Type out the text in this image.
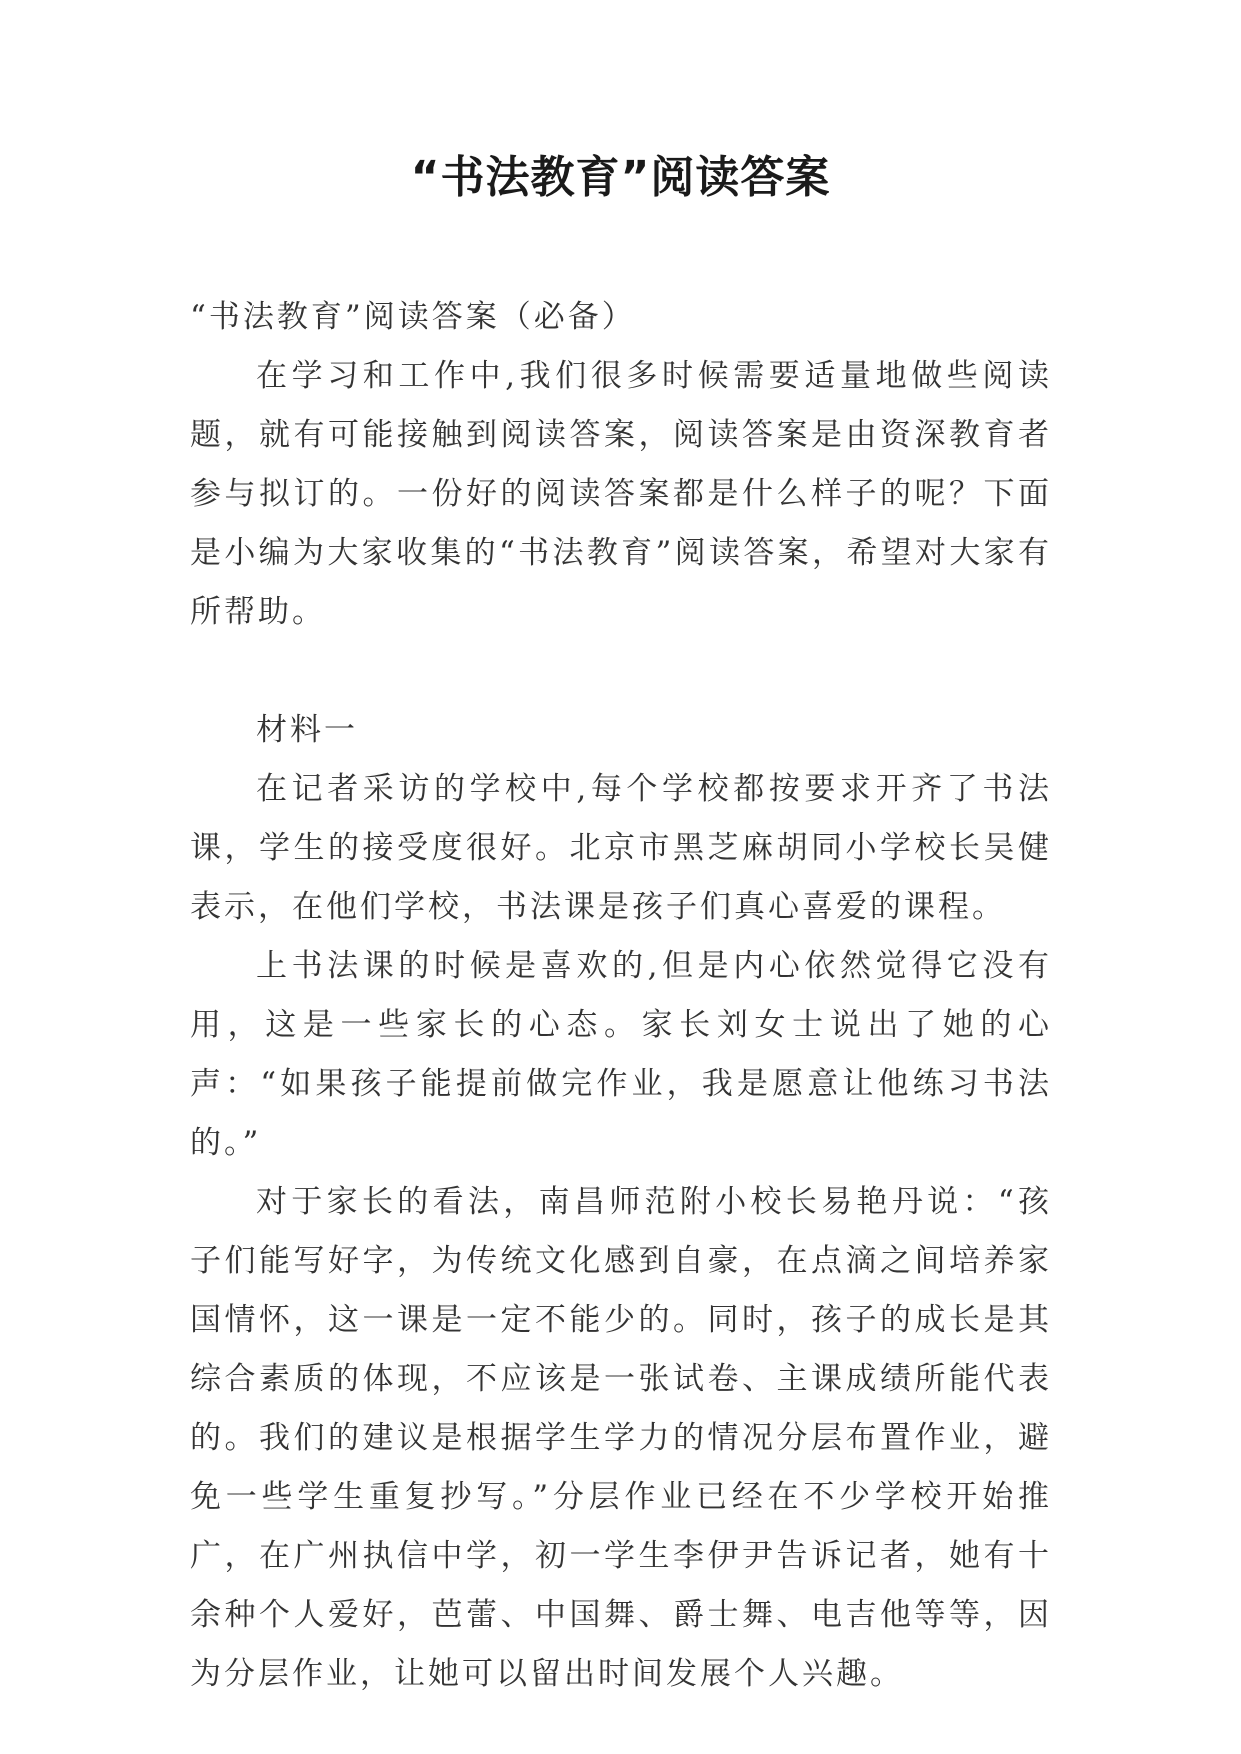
“书法教育”阅读答案

“书法教育”阅读答案（必备）

在学习和工作中,我们很多时候需要适量地做些阅读题，就有可能接触到阅读答案，阅读答案是由资深教育者参与拟订的。一份好的阅读答案都是什么样子的呢？下面是小编为大家收集的“书法教育”阅读答案，希望对大家有所帮助。

材料一

在记者采访的学校中,每个学校都按要求开齐了书法课，学生的接受度很好。北京市黑芝麻胡同小学校长吴健表示，在他们学校，书法课是孩子们真心喜爱的课程。

上书法课的时候是喜欢的,但是内心依然觉得它没有用，这是一些家长的心态。家长刘女士说出了她的心声：“如果孩子能提前做完作业，我是愿意让他练习书法的。”

对于家长的看法，南昌师范附小校长易艳丹说：“孩子们能写好字，为传统文化感到自豪，在点滴之间培养家国情怀，这一课是一定不能少的。同时，孩子的成长是其综合素质的体现，不应该是一张试卷、主课成绩所能代表的。我们的建议是根据学生学力的情况分层布置作业，避免一些学生重复抄写。”分层作业已经在不少学校开始推广，在广州执信中学，初一学生李伊尹告诉记者，她有十余种个人爱好，芭蕾、中国舞、爵士舞、电吉他等等，因为分层作业，让她可以留出时间发展个人兴趣。
